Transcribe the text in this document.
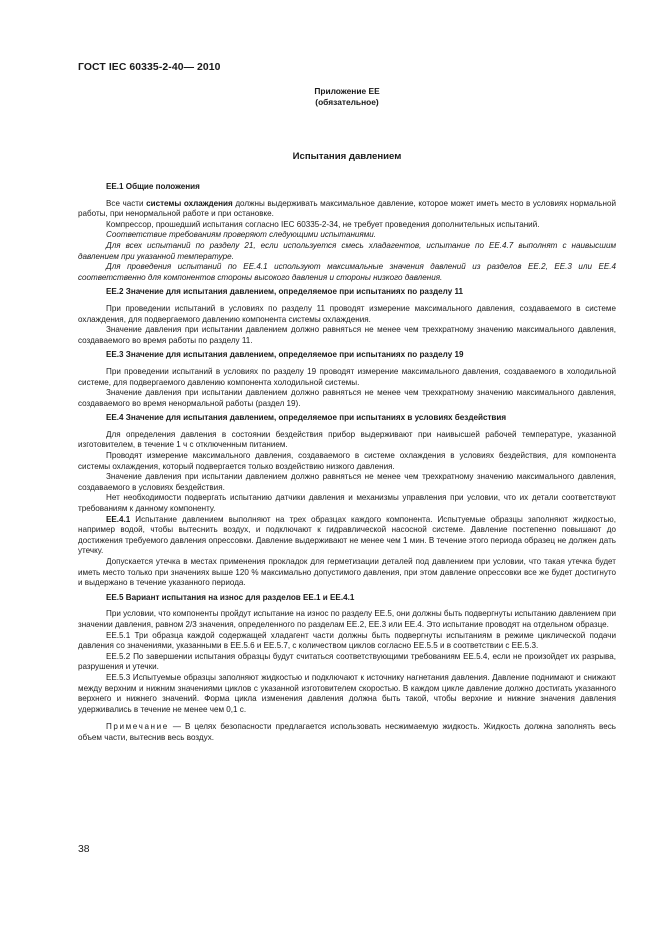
ГОСТ IEC 60335-2-40— 2010
Приложение ЕЕ
(обязательное)
Испытания давлением

ЕЕ.1 Общие положения

Все части системы охлаждения должны выдерживать максимальное давление, которое может иметь место в условиях нормальной работы, при ненормальной работе и при остановке.

Компрессор, прошедший испытания согласно IEC 60335-2-34, не требует проведения дополнительных испытаний.

Соответствие требованиям проверяют следующими испытаниями.

Для всех испытаний по разделу 21, если используется смесь хладагентов, испытание по ЕЕ.4.7 выполнят с наивысшим давлением при указанной температуре.

Для проведения испытаний по ЕЕ.4.1 используют максимальные значения давлений из разделов ЕЕ.2, ЕЕ.3 или ЕЕ.4 соответственно для компонентов стороны высокого давления и стороны низкого давления.

ЕЕ.2 Значение для испытания давлением, определяемое при испытаниях по разделу 11

При проведении испытаний в условиях по разделу 11 проводят измерение максимального давления, создаваемого в системе охлаждения, для подвергаемого давлению компонента системы охлаждения.

Значение давления при испытании давлением должно равняться не менее чем трехкратному значению максимального давления, создаваемого во время работы по разделу 11.

ЕЕ.3 Значение для испытания давлением, определяемое при испытаниях по разделу 19

При проведении испытаний в условиях по разделу 19 проводят измерение максимального давления, создаваемого в холодильной системе, для подвергаемого давлению компонента холодильной системы.

Значение давления при испытании давлением должно равняться не менее чем трехкратному значению максимального давления, создаваемого во время ненормальной работы (раздел 19).

ЕЕ.4 Значение для испытания давлением, определяемое при испытаниях в условиях бездействия

Для определения давления в состоянии бездействия прибор выдерживают при наивысшей рабочей температуре, указанной изготовителем, в течение 1 ч с отключенным питанием.

Проводят измерение максимального давления, создаваемого в системе охлаждения в условиях бездействия, для компонента системы охлаждения, который подвергается только воздействию низкого давления.

Значение давления при испытании давлением должно равняться не менее чем трехкратному значению максимального давления, создаваемого в условиях бездействия.

Нет необходимости подвергать испытанию датчики давления и механизмы управления при условии, что их детали соответствуют требованиям к данному компоненту.

ЕЕ.4.1 Испытание давлением выполняют на трех образцах каждого компонента. Испытуемые образцы заполняют жидкостью, например водой, чтобы вытеснить воздух, и подключают к гидравлической насосной системе. Давление постепенно повышают до достижения требуемого давления опрессовки. Давление выдерживают не менее чем 1 мин. В течение этого периода образец не должен дать утечку.

Допускается утечка в местах применения прокладок для герметизации деталей под давлением при условии, что такая утечка будет иметь место только при значениях выше 120 % максимально допустимого давления, при этом давление опрессовки все же будет достигнуто и выдержано в течение указанного периода.

ЕЕ.5 Вариант испытания на износ для разделов ЕЕ.1 и ЕЕ.4.1

При условии, что компоненты пройдут испытание на износ по разделу ЕЕ.5, они должны быть подвергнуты испытанию давлением при значении давления, равном 2/3 значения, определенного по разделам ЕЕ.2, ЕЕ.3 или ЕЕ.4. Это испытание проводят на отдельном образце.

ЕЕ.5.1 Три образца каждой содержащей хладагент части должны быть подвергнуты испытаниям в режиме циклической подачи давления со значениями, указанными в ЕЕ.5.6 и ЕЕ.5.7, с количеством циклов согласно ЕЕ.5.5 и в соответствии с ЕЕ.5.3.

ЕЕ.5.2 По завершении испытания образцы будут считаться соответствующими требованиям ЕЕ.5.4, если не произойдет их разрыва, разрушения и утечки.

ЕЕ.5.3 Испытуемые образцы заполняют жидкостью и подключают к источнику нагнетания давления. Давление поднимают и снижают между верхним и нижним значениями циклов с указанной изготовителем скоростью. В каждом цикле давление должно достигать указанного верхнего и нижнего значений. Форма цикла изменения давления должна быть такой, чтобы верхние и нижние значения давления удерживались в течение не менее чем 0,1 с.

Примечание — В целях безопасности предлагается использовать несжимаемую жидкость. Жидкость должна заполнять весь объем части, вытеснив весь воздух.

38
